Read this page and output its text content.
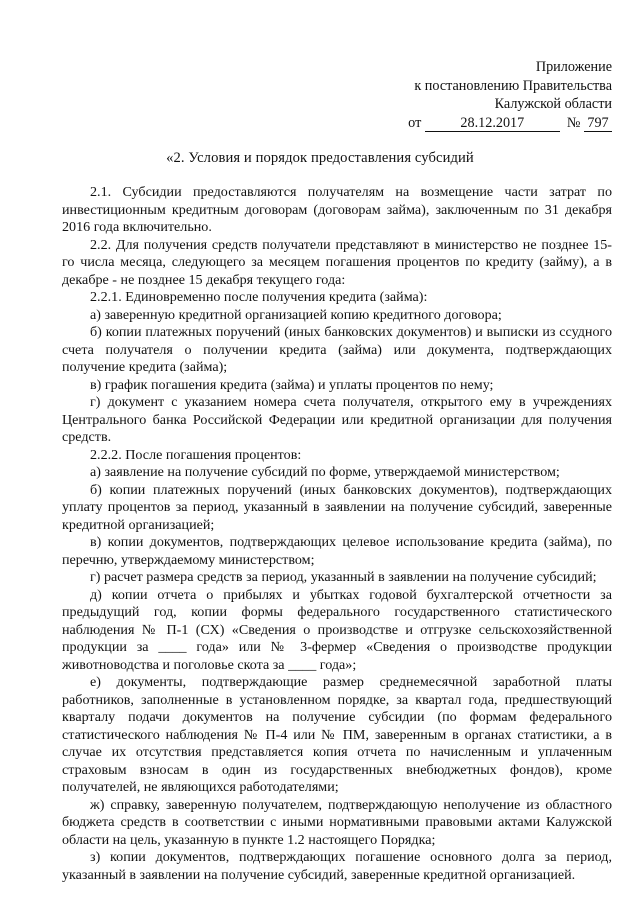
Приложение
к постановлению Правительства
Калужской области
от	28.12.2017	№ 797
«2. Условия и порядок предоставления субсидий

2.1. Субсидии предоставляются получателям на возмещение части затрат по инвестиционным кредитным договорам (договорам займа), заключенным по 31 декабря 2016 года включительно.

2.2. Для получения средств получатели представляют в министерство не позднее 15-го числа месяца, следующего за месяцем погашения процентов по кредиту (займу), а в декабре - не позднее 15 декабря текущего года:

2.2.1. Единовременно после получения кредита (займа):

а) заверенную кредитной организацией копию кредитного договора;

б) копии платежных поручений (иных банковских документов) и выписки из ссудного счета получателя о получении кредита (займа) или документа, подтверждающих получение кредита (займа);

в) график погашения кредита (займа) и уплаты процентов по нему;

г) документ с указанием номера счета получателя, открытого ему в учреждениях Центрального банка Российской Федерации или кредитной организации для получения средств.

2.2.2. После погашения процентов:

а) заявление на получение субсидий по форме, утверждаемой министерством;

б) копии платежных поручений (иных банковских документов), подтверждающих уплату процентов за период, указанный в заявлении на получение субсидий, заверенные кредитной организацией;

в) копии документов, подтверждающих целевое использование кредита (займа), по перечню, утверждаемому министерством;

г) расчет размера средств за период, указанный в заявлении на получение субсидий;

д) копии отчета о прибылях и убытках годовой бухгалтерской отчетности за предыдущий год, копии формы федерального государственного статистического наблюдения № П-1 (СХ) «Сведения о производстве и отгрузке сельскохозяйственной продукции за ____ года» или № 3-фермер «Сведения о производстве продукции животноводства и поголовье скота за ____ года»;

е) документы, подтверждающие размер среднемесячной заработной платы работников, заполненные в установленном порядке, за квартал года, предшествующий кварталу подачи документов на получение субсидии (по формам федерального статистического наблюдения № П-4 или № ПМ, заверенным в органах статистики, а в случае их отсутствия представляется копия отчета по начисленным и уплаченным страховым взносам в один из государственных внебюджетных фондов), кроме получателей, не являющихся работодателями;

ж) справку, заверенную получателем, подтверждающую неполучение из областного бюджета средств в соответствии с иными нормативными правовыми актами Калужской области на цель, указанную в пункте 1.2 настоящего Порядка;

з) копии документов, подтверждающих погашение основного долга за период, указанный в заявлении на получение субсидий, заверенные кредитной организацией.
